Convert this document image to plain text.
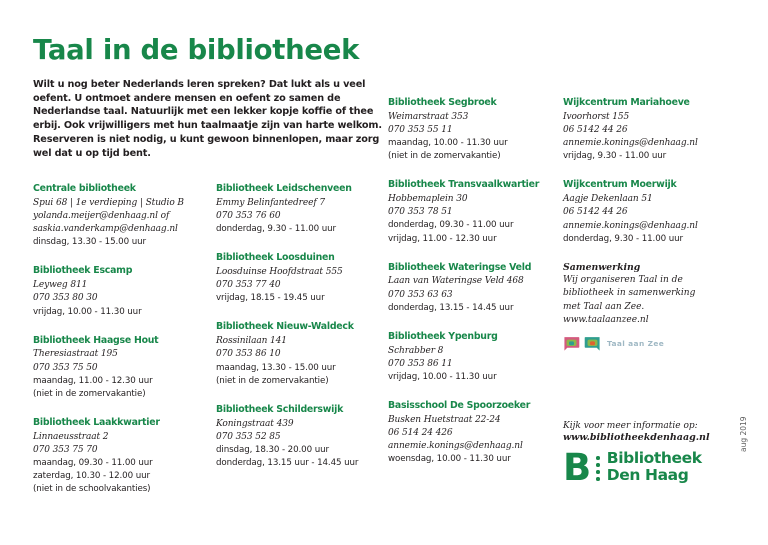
Taal in de bibliotheek

Wilt u nog beter Nederlands leren spreken? Dat lukt als u veel oefent. U ontmoet andere mensen en oefent zo samen de Nederlandse taal. Natuurlijk met een lekker kopje koffie of thee erbij. Ook vrijwilligers met hun taalmaatje zijn van harte welkom. Reserveren is niet nodig, u kunt gewoon binnenlopen, maar zorg wel dat u op tijd bent.

Centrale bibliotheek

Spui 68 | 1e verdieping | Studio B

yolanda.meijer@denhaag.nl of

saskia.vanderkamp@denhaag.nl

dinsdag, 13.30 - 15.00 uur

Bibliotheek Escamp

Leyweg 811

070 353 80 30

vrijdag, 10.00 - 11.30 uur

Bibliotheek Haagse Hout

Theresiastraat 195

070 353 75 50

maandag, 11.00 - 12.30 uur

(niet in de zomervakantie)

Bibliotheek Laakkwartier

Linnaeusstraat 2

070 353 75 70

maandag, 09.30 - 11.00 uur

zaterdag, 10.30 - 12.00 uur

(niet in de schoolvakanties)

Bibliotheek Leidschenveen

Emmy Belinfantedreef 7

070 353 76 60

donderdag, 9.30 - 11.00 uur

Bibliotheek Loosduinen

Loosduinse Hoofdstraat 555

070 353 77 40

vrijdag, 18.15 - 19.45 uur

Bibliotheek Nieuw-Waldeck

Rossinilaan 141

070 353 86 10

maandag, 13.30 - 15.00 uur

(niet in de zomervakantie)

Bibliotheek Schilderswijk

Koningstraat 439

070 353 52 85

dinsdag, 18.30 - 20.00 uur

donderdag, 13.15 uur - 14.45 uur

Bibliotheek Segbroek

Weimarstraat 353

070 353 55 11

maandag, 10.00 - 11.30 uur

(niet in de zomervakantie)

Bibliotheek Transvaalkwartier

Hobbemaplein 30

070 353 78 51

donderdag, 09.30 - 11.00 uur

vrijdag, 11.00 - 12.30 uur

Bibliotheek Wateringse Veld

Laan van Wateringse Veld 468

070 353 63 63

donderdag, 13.15 - 14.45 uur

Bibliotheek Ypenburg

Schrabber 8

070 353 86 11

vrijdag, 10.00 - 11.30 uur

Basisschool De Spoorzoeker

Busken Huetstraat 22-24

06 514 24 426

annemie.konings@denhaag.nl

woensdag, 10.00 - 11.30 uur

Wijkcentrum Mariahoeve

Ivoorhorst 155

06 5142 44 26

annemie.konings@denhaag.nl

vrijdag, 9.30 - 11.00 uur

Wijkcentrum Moerwijk

Aagje Dekenlaan 51

06 5142 44 26

annemie.konings@denhaag.nl

donderdag, 9.30 - 11.00 uur

Samenwerking

Wij organiseren Taal in de

bibliotheek in samenwerking

met Taal aan Zee.

www.taalaanzee.nl

Taal aan Zee

Kijk voor meer informatie op:

www.bibliotheekdenhaag.nl

B Bibliotheek
Den Haag
aug 2019
